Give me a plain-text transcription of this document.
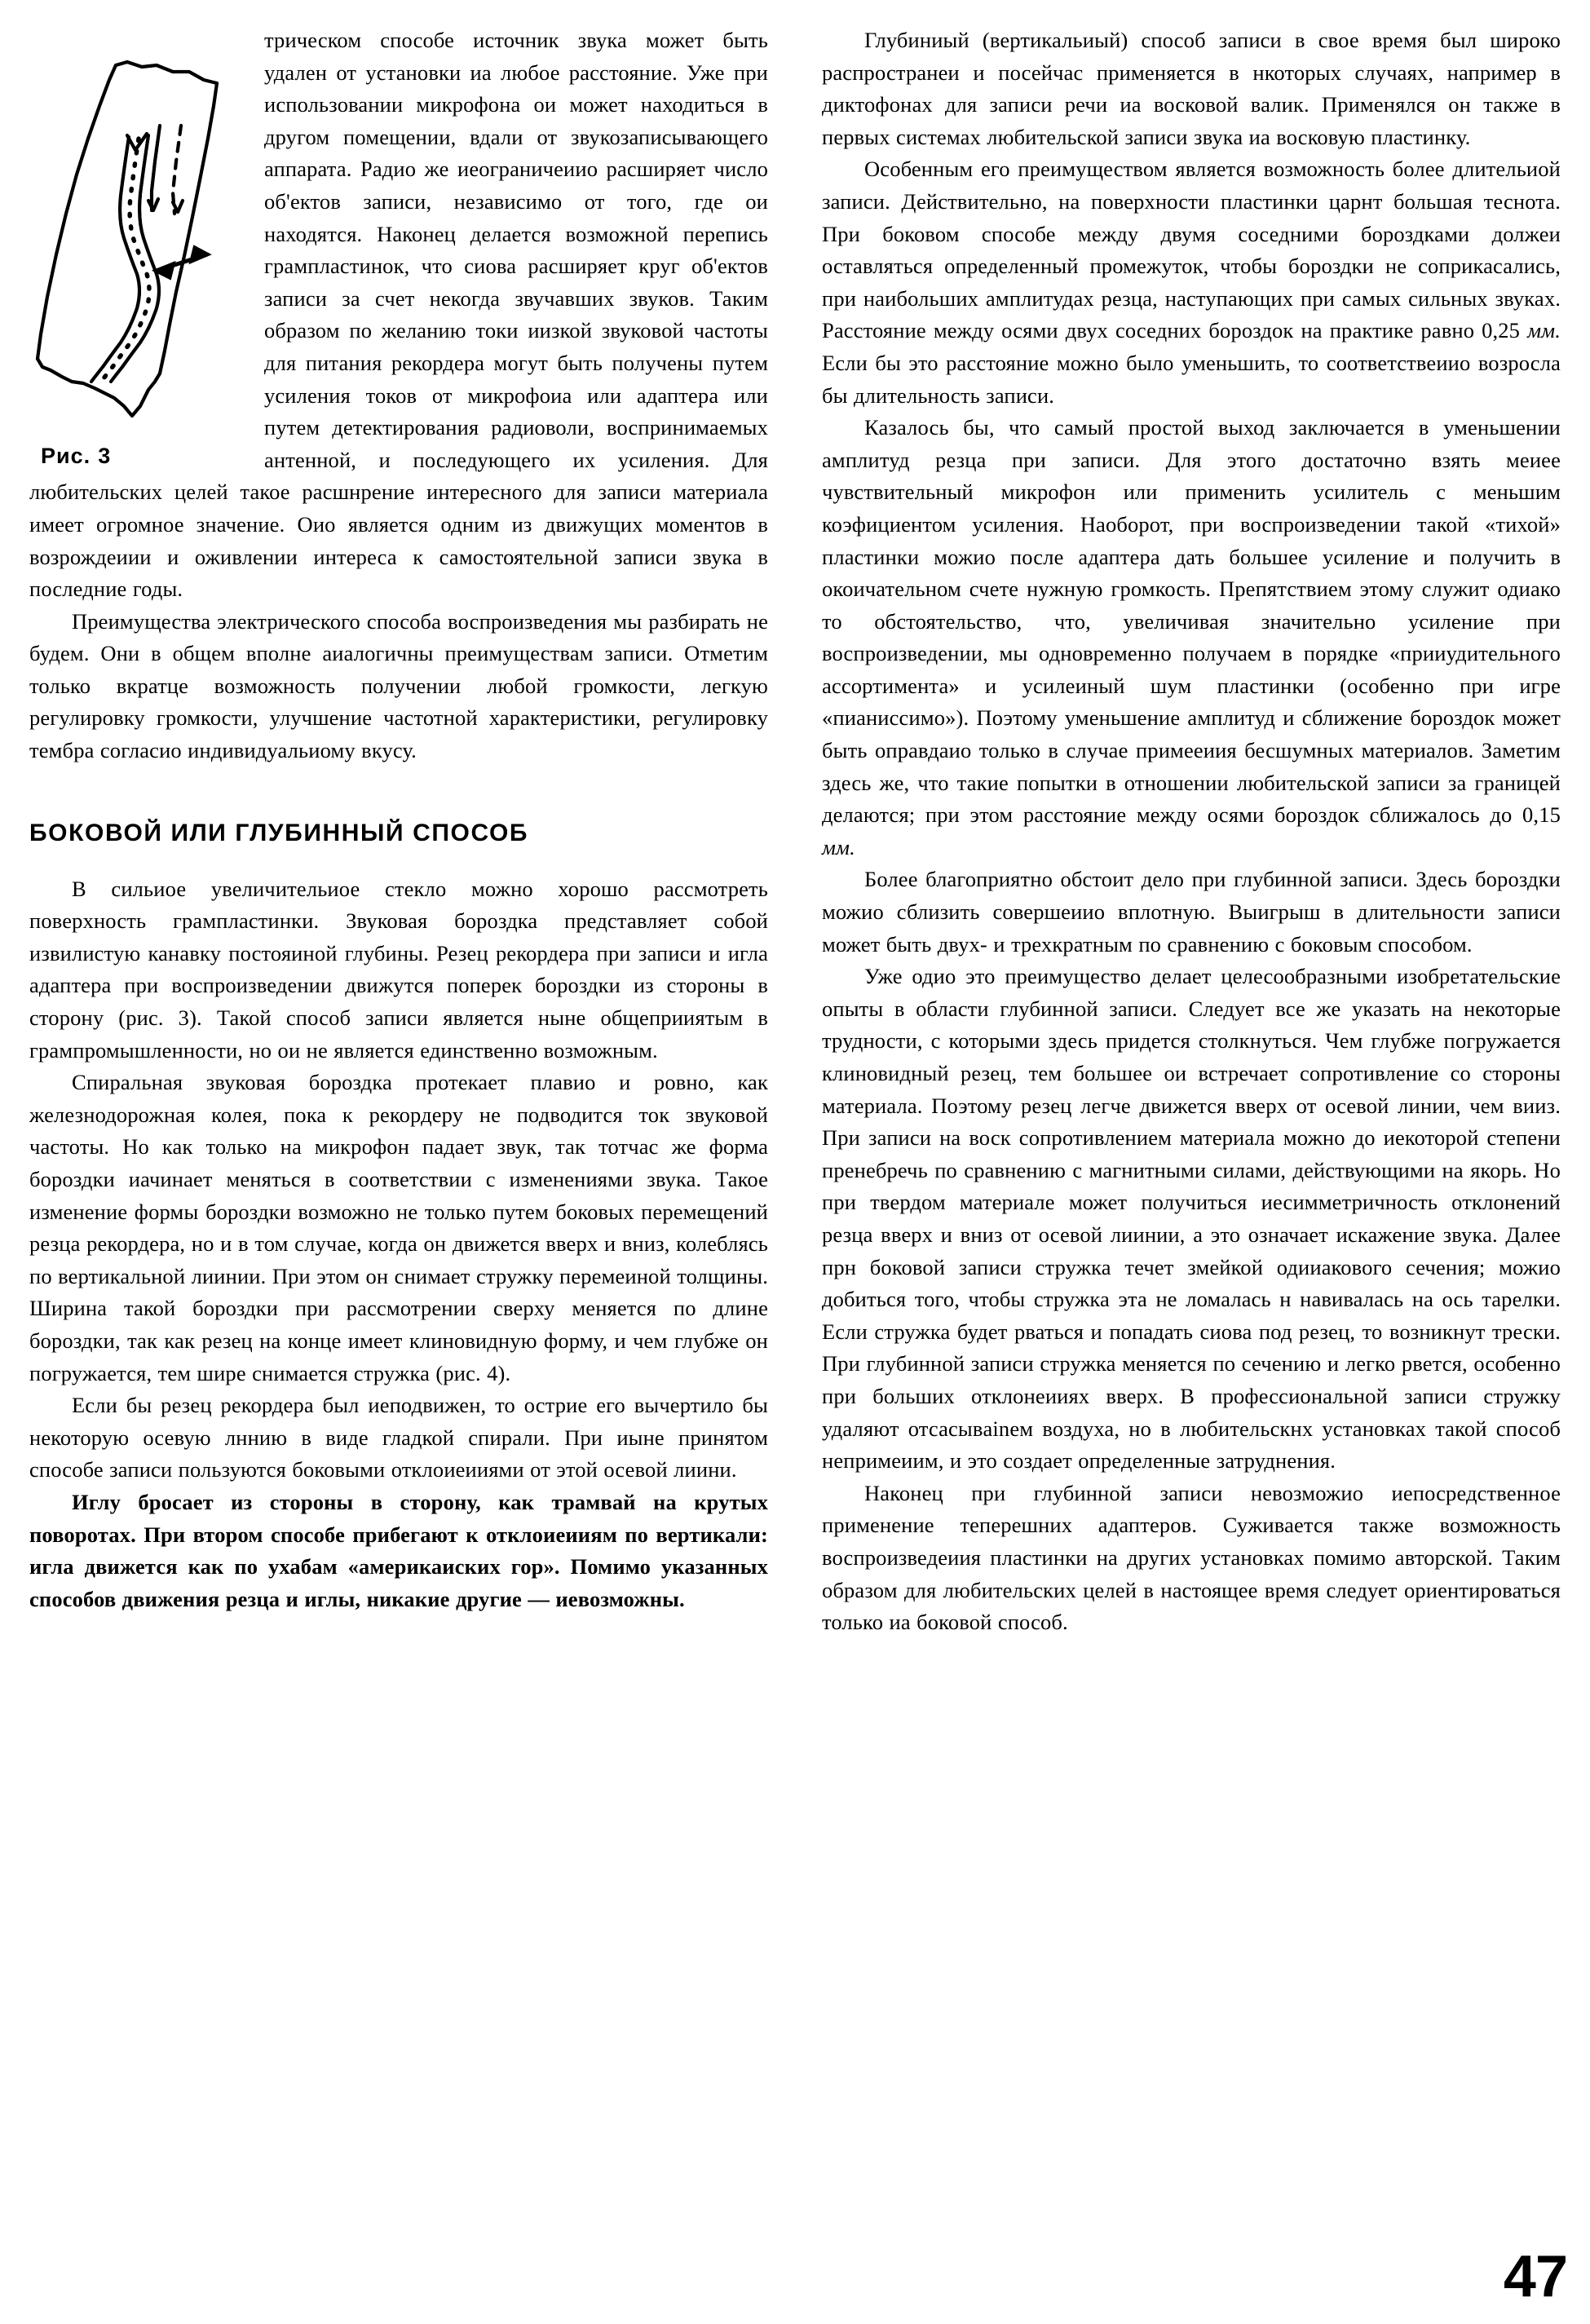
Рис. 3
трическом способе источник звука может быть удален от установки иа любое расстояние. Уже при использовании микрофона ои может находиться в другом помещении, вдали от звукозаписывающего аппарата. Радио же иеограничеиио расширяет число об'ектов записи, независимо от того, где ои находятся. Наконец делается возможной перепись грампластинок, что сиова расширяет круг об'ектов записи за счет некогда звучавших звуков. Таким образом по желанию токи иизкой звуковой частоты для питания рекордера могут быть получены путем усиления токов от микрофоиа или адаптера или путем детектирования радиоволи, воспринимаемых антенной, и последующего их усиления. Для любительских целей такое расшнрение интересного для записи материала имеет огромное значение. Оио является одним из движущих моментов в возрождеиии и оживлении интереса к самостоятельной записи звука в последние годы.

Преимущества электрического способа воспроизведения мы разбирать не будем. Они в общем вполне аиалогичны преимуществам записи. Отметим только вкратце возможность получении любой громкости, легкую регулировку громкости, улучшение частотной характеристики, регулировку тембра согласио индивидуальиому вкусу.

БОКОВОЙ ИЛИ ГЛУБИННЫЙ СПОСОБ

В сильиое увеличительиое стекло можно хорошо рассмотреть поверхность грампластинки. Звуковая бороздка представляет собой извилистую канавку постояиной глубины. Резец рекордера при записи и игла адаптера при воспроизведении движутся поперек бороздки из стороны в сторону (рис. 3). Такой способ записи является ныне общеприиятым в грампромышленности, но ои не является единственно возможным.

Спиральная звуковая бороздка протекает плавио и ровно, как железнодорожная колея, пока к рекордеру не подводится ток звуковой частоты. Но как только на микрофон падает звук, так тотчас же форма бороздки иачинает меняться в соответствии с изменениями звука. Такое изменение формы бороздки возможно не только путем боковых перемещений резца рекордера, но и в том случае, когда он движется вверх и вниз, колеблясь по вертикальной лиинии. При этом он снимает стружку перемеиной толщины. Ширина такой бороздки при рассмотрении сверху меняется по длине бороздки, так как резец на конце имеет клиновидную форму, и чем глубже он погружается, тем шире снимается стружка (рис. 4).

Если бы резец рекордера был иеподвижен, то острие его вычертило бы некоторую осевую лннию в виде гладкой спирали. При иыне принятом способе записи пользуются боковыми отклоиеииями от этой осевой лиини.

Иглу бросает из стороны в сторону, как трамвай на крутых поворотах. При втором способе прибегают к отклоиеииям по вертикали: игла движется как по ухабам «америкаиских гор». Помимо указанных способов движения резца и иглы, никакие другие — иевозможны.

Глубиниый (вертикальиый) способ записи в свое время был широко распространеи и посейчас применяется в нкоторых случаях, например в диктофонах для записи речи иа восковой валик. Применялся он также в первых системах любительской записи звука иа восковую пластинку.

Особенным его преимуществом является возможность более длительиой записи. Действительно, на поверхности пластинки царнт большая теснота. При боковом способе между двумя соседними бороздками должеи оставляться определенный промежуток, чтобы бороздки не соприкасались, при наибольших амплитудах резца, наступающих при самых сильных звуках. Расстояние между осями двух соседних бороздок на практике равно 0,25 мм. Если бы это расстояние можно было уменьшить, то соответствеиио возросла бы длительность записи.

Казалось бы, что самый простой выход заключается в уменьшении амплитуд резца при записи. Для этого достаточно взять меиее чувствительный микрофон или применить усилитель с меньшим коэфициентом усиления. Наоборот, при воспроизведении такой «тихой» пластинки можио после адаптера дать большее усиление и получить в окоичательном счете нужную громкость. Препятствием этому служит одиако то обстоятельство, что, увеличивая значительно усиление при воспроизведении, мы одновременно получаем в порядке «прииудительного ассортимента» и усилеиный шум пластинки (особенно при игре «пианиссимо»). Поэтому уменьшение амплитуд и сближение бороздок может быть оправдаио только в случае примееиия бесшумных материалов. Заметим здесь же, что такие попытки в отношении любительской записи за границей делаются; при этом расстояние между осями бороздок сближалось до 0,15 мм.

Более благоприятно обстоит дело при глубинной записи. Здесь бороздки можио сблизить совершеиио вплотную. Выигрыш в длительности записи может быть двух- и трехкратным по сравнению с боковым способом.

Уже одио это преимущество делает целесообразными изобретательские опыты в области глубинной записи. Следует все же указать на некоторые трудности, с которыми здесь придется столкнуться. Чем глубже погружается клиновидный резец, тем большее ои встречает сопротивление со стороны материала. Поэтому резец легче движется вверх от осевой линии, чем вииз. При записи на воск сопротивлением материала можно до иекоторой степени пренебречь по сравнению с магнитными силами, действующими на якорь. Но при твердом материале может получиться иесимметричность отклонений резца вверх и вниз от осевой лиинии, а это означает искажение звука. Далее прн боковой записи стружка течет змейкой одииакового сечения; можио добиться того, чтобы стружка эта не ломалась н навивалась на ось тарелки. Если стружка будет рваться и попадать сиова под резец, то возникнут трески. При глубинной записи стружка меняется по сечению и легко рвется, особенно при больших отклонеииях вверх. В профессиональной записи стружку удаляют отсасывainем воздуха, но в любительскнх установках такой способ непримеиим, и это создает определенные затруднения.

Наконец при глубинной записи невозможио иепосредственное применение теперешних адаптеров. Суживается также возможность воспроизведеиия пластинки на других установках помимо авторской. Таким образом для любительских целей в настоящее время следует ориентироваться только иа боковой способ.

47
